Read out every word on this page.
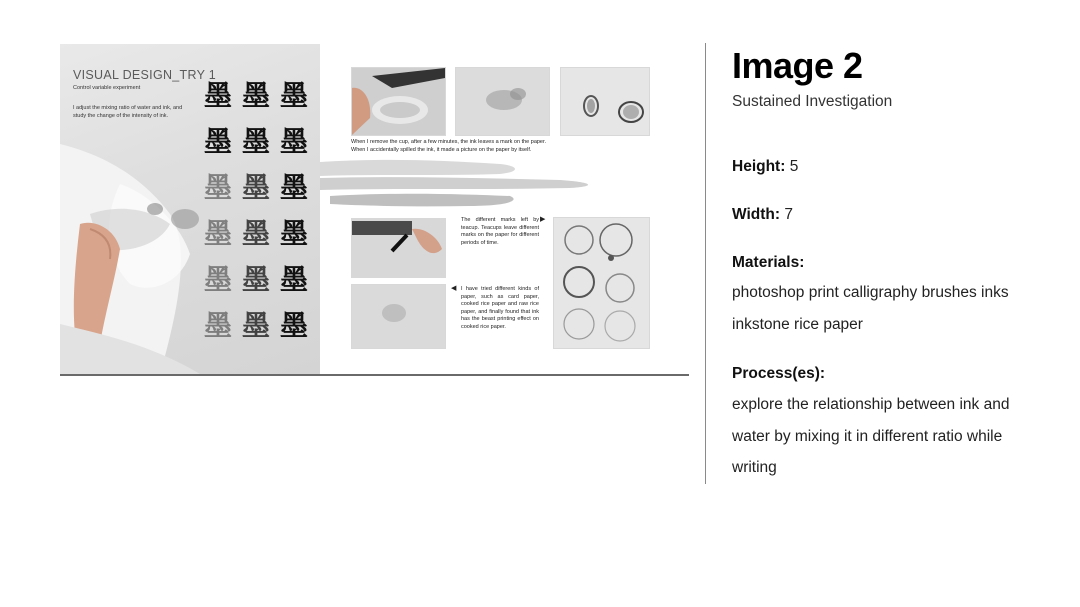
VISUAL DESIGN_TRY 1
Control variable experiment
I adjust the mixing ratio of water and ink, and study the change of the intensity of ink.
墨 墨 墨
墨 墨 墨
墨 墨 墨
墨 墨 墨
墨 墨 墨
墨 墨 墨
When I remove the cup, after a few minutes, the ink leaves a mark on the paper.
When I accidentally spilled the ink, it made a picture on the paper by itself.
The different marks left by teacup. Teacups leave different marks on the paper for different periods of time.
▶
◀ I have tried different kinds of paper, such as card paper, cooked rice paper and raw rice paper, and finally found that ink has the beast printing effect on cooked rice paper.
Image 2
Sustained Investigation
Height: 5
Width: 7
Materials:
photoshop print calligraphy brushes inks
inkstone rice paper
Process(es):
explore the relationship between ink and
water by mixing it in different ratio while
writing
